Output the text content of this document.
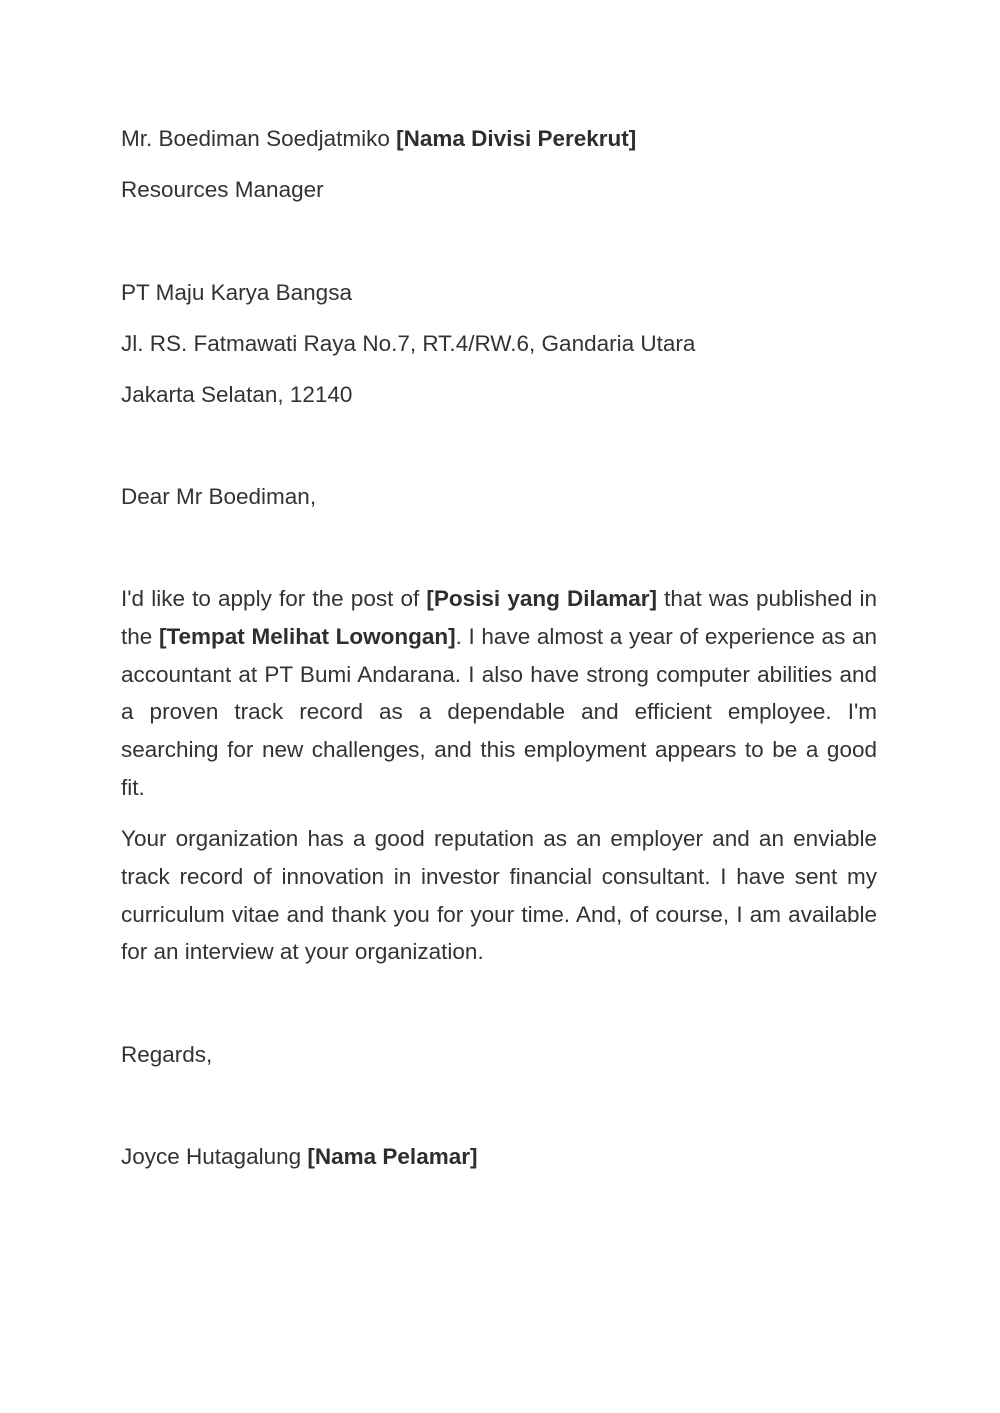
Mr. Boediman Soedjatmiko [Nama Divisi Perekrut]

Resources Manager

PT Maju Karya Bangsa

Jl. RS. Fatmawati Raya No.7, RT.4/RW.6, Gandaria Utara

Jakarta Selatan, 12140

Dear Mr Boediman,

I'd like to apply for the post of [Posisi yang Dilamar] that was published in the [Tempat Melihat Lowongan]. I have almost a year of experience as an accountant at PT Bumi Andarana. I also have strong computer abilities and a proven track record as a dependable and efficient employee. I'm searching for new challenges, and this employment appears to be a good fit.

Your organization has a good reputation as an employer and an enviable track record of innovation in investor financial consultant. I have sent my curriculum vitae and thank you for your time. And, of course, I am available for an interview at your organization.

Regards,

Joyce Hutagalung [Nama Pelamar]
